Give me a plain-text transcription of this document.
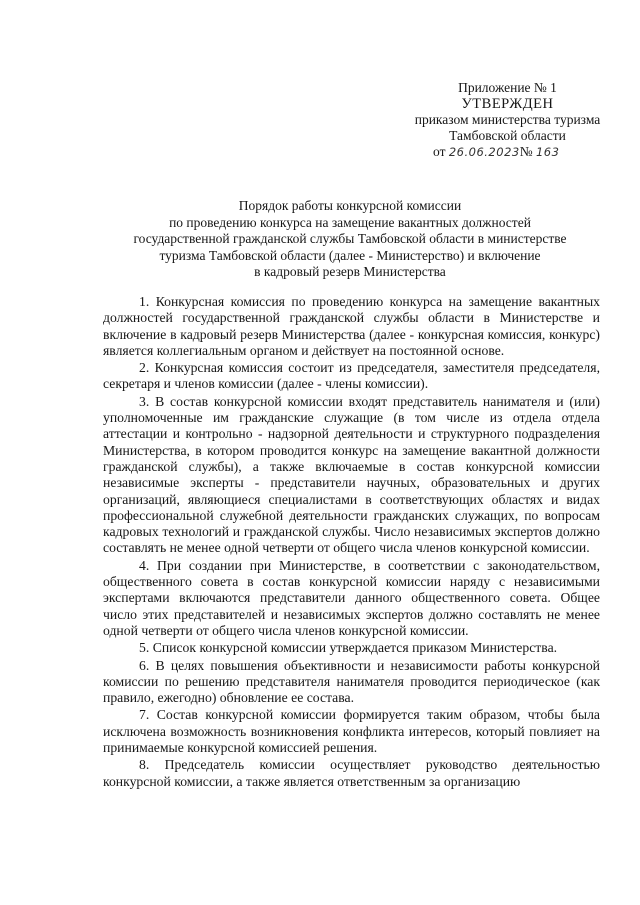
Приложение № 1
УТВЕРЖДЕН
приказом министерства туризма
Тамбовской области
от 26.06.2023№ 163
Порядок работы конкурсной комиссии
по проведению конкурса на замещение вакантных должностей
государственной гражданской службы Тамбовской области в министерстве
туризма Тамбовской области (далее - Министерство) и включение
в кадровый резерв Министерства

1. Конкурсная комиссия по проведению конкурса на замещение вакантных должностей государственной гражданской службы области в Министерстве и включение в кадровый резерв Министерства (далее - конкурсная комиссия, конкурс) является коллегиальным органом и действует на постоянной основе.

2. Конкурсная комиссия состоит из председателя, заместителя председателя, секретаря и членов комиссии (далее - члены комиссии).

3. В состав конкурсной комиссии входят представитель нанимателя и (или) уполномоченные им гражданские служащие (в том числе из отдела отдела аттестации и контрольно - надзорной деятельности и структурного подразделения Министерства, в котором проводится конкурс на замещение вакантной должности гражданской службы), а также включаемые в состав конкурсной комиссии независимые эксперты - представители научных, образовательных и других организаций, являющиеся специалистами в соответствующих областях и видах профессиональной служебной деятельности гражданских служащих, по вопросам кадровых технологий и гражданской службы. Число независимых экспертов должно составлять не менее одной четверти от общего числа членов конкурсной комиссии.

4. При создании при Министерстве, в соответствии с законодательством, общественного совета в состав конкурсной комиссии наряду с независимыми экспертами включаются представители данного общественного совета. Общее число этих представителей и независимых экспертов должно составлять не менее одной четверти от общего числа членов конкурсной комиссии.

5. Список конкурсной комиссии утверждается приказом Министерства.

6. В целях повышения объективности и независимости работы конкурсной комиссии по решению представителя нанимателя проводится периодическое (как правило, ежегодно) обновление ее состава.

7. Состав конкурсной комиссии формируется таким образом, чтобы была исключена возможность возникновения конфликта интересов, который повлияет на принимаемые конкурсной комиссией решения.

8. Председатель комиссии осуществляет руководство деятельностью конкурсной комиссии, а также является ответственным за организацию
